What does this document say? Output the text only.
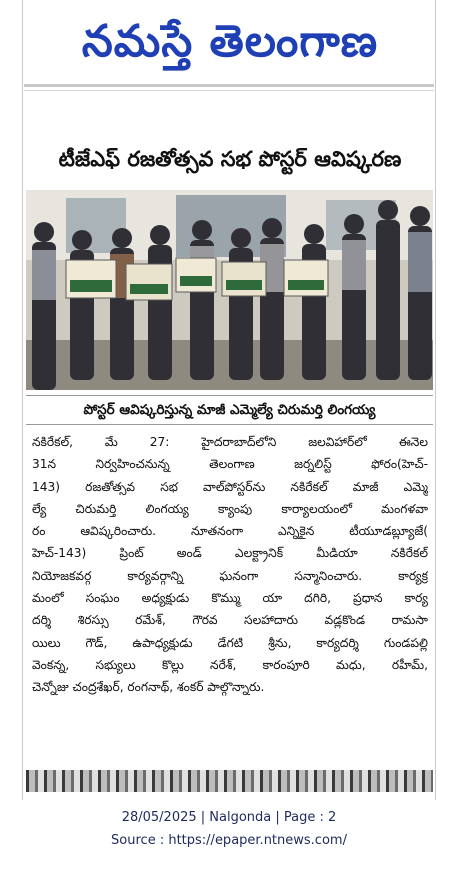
నమస్తే తెలంగాణ
టీజేఎఫ్ రజతోత్సవ సభ పోస్టర్ ఆవిష్కరణ
పోస్టర్ ఆవిష్కరిస్తున్న మాజీ ఎమ్మెల్యే చిరుమర్తి లింగయ్య
నకిరేకల్, మే 27: హైదరాబాద్‌లోని జలవిహార్‌లో ఈనెల
31న నిర్వహించనున్న తెలంగాణ జర్నలిస్ట్ ఫోరం(హెచ్-
143) రజతోత్సవ సభ వాల్‌పోస్టర్‌ను నకిరేకల్ మాజీ ఎమ్మె
ల్యే చిరుమర్తి లింగయ్య క్యాంపు కార్యాలయంలో మంగళవా
రం ఆవిష్కరించారు. నూతనంగా ఎన్నికైన టీయూడబ్ల్యూజే(
హెచ్-143) ప్రింట్ అండ్ ఎలక్ట్రానిక్ మీడియా నకిరేకల్
నియోజకవర్గ కార్యవర్గాన్ని ఘనంగా సన్మానించారు. కార్యక్ర
మంలో సంఘం అధ్యక్షుడు కొమ్ము యా దగిరి, ప్రధాన కార్య
దర్శి శిరస్సు రమేశ్, గౌరవ సలహాదారు వడ్లకొండ రామసా
యిలు గౌడ్, ఉపాధ్యక్షుడు డేగటి శ్రీను, కార్యదర్శి గుండపల్లి
వెంకన్న, సభ్యులు కొల్లు నరేశ్, కారంపూరి మధు, రహీమ్,
చెన్నోజు చంద్రశేఖర్, రంగనాథ్, శంకర్ పాల్గొన్నారు.
28/05/2025 | Nalgonda | Page : 2
Source : https://epaper.ntnews.com/
